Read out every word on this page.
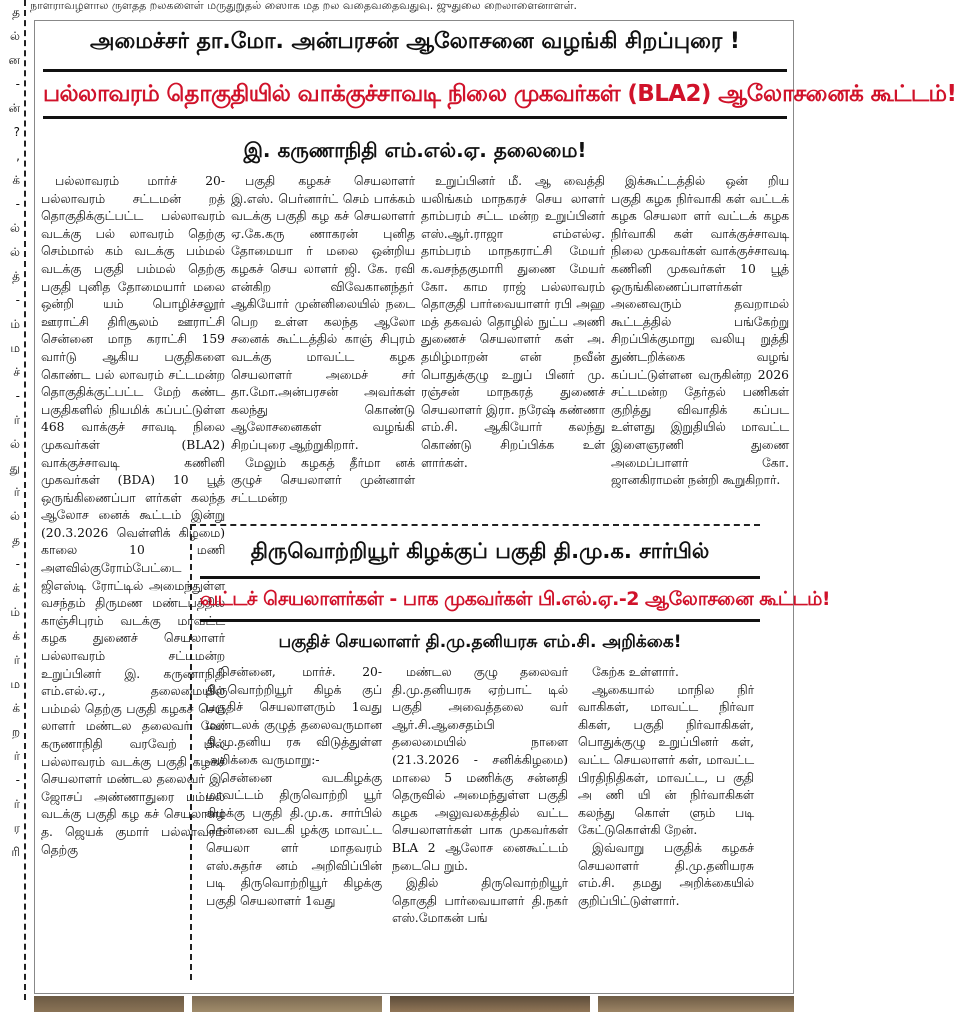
நாளராவழளால ருளதத றலகளைள் மருதுறுதல் ஸைாக மத றல வதைவதைவதுவு. ஜுதுலை றைலாளைனாளள்.
த
ல்
ன
-
ன்
?
,
க்
-
ல்
ல்
த்
-
ம்
ம
ச்
-
ர்
ல்
து
ர்
ல்
த
-
க்
ம்
க்
ர்
ம
க்
ற
ர்
-
ர்
ர
ரி
அமைச்சர் தா.மோ. அன்பரசன் ஆலோசனை வழங்கி சிறப்புரை !
பல்லாவரம் தொகுதியில் வாக்குச்சாவடி நிலை முகவர்கள் (BLA2) ஆலோசனைக் கூட்டம்!
இ. கருணாநிதி எம்.எல்.ஏ. தலைமை!

பல்லாவரம் மார்ச் 20- பல்லாவரம் சட்டமன் றத் தொகுதிக்குட்பட்ட பல்லாவரம் வடக்கு பல் லாவரம் தெற்கு செம்மால் கம் வடக்கு பம்மல் வடக்கு பகுதி பம்மல் தெற்கு பகுதி புனித தோமையார் மலை ஒன்றி யம் பொழிச்சலூர் ஊராட்சி திரிசூலம் ஊராட்சி சென்னை மாந கராட்சி 159 வார்டு ஆகிய பகுதிகளை கொண்ட பல் லாவரம் சட்டமன்ற தொகுதிக்குட்பட்ட மேற் கண்ட பகுதிகளில் நியமிக் கப்பட்டுள்ள 468 வாக்குச் சாவடி நிலை முகவர்கள் (BLA2) வாக்குச்சாவடி கணினி முகவர்கள் (BDA) 10 பூத் ஒருங்கிணைப்பா ளர்கள் கலந்த ஆலோச னைக் கூட்டம் இன்று (20.3.2026 வெள்ளிக் கிழமை) காலை 10 மணி அளவில்குரோம்பேட்டை ஜிஎஸ்டி ரோட்டில் அமைந்துள்ள வசந்தம் திருமண மண்டபத்தில் காஞ்சிபுரம் வடக்கு மாவட்ட கழக துணைச் செயலாளர் பல்லாவரம் சட்டமன்ற உறுப்பினர் இ. கருணாநிதி எம்.எல்.ஏ., தலைமையில் பம்மல் தெற்கு பகுதி கழகச் செய லாளர் மண்டல தலைவர் வே. கருணாநிதி வரவேற் பில் பல்லாவரம் வடக்கு பகுதி கழகச் செயலாளர் மண்டல தலைவர் இ. ஜோசப் அண்ணாதுரை பம்மல் வடக்கு பகுதி கழ கச் செயலாளர் த. ஜெயக் குமார் பல்லாவரம் தெற்கு

பகுதி கழகச் செயலாளர் இ.எஸ். பெர்னார்ட் செம் பாக்கம் வடக்கு பகுதி கழ கச் செயலாளர் ஏ.கே.கரு ணாகரன் புனித தோமையா ர் மலை ஒன்றிய கழகச் செய லாளர் ஜி. கே. ரவி என்கிற விவேகானந்தா் ஆகியோர் முன்னிலையில் நடை பெற உள்ள கலந்த ஆலோ சனைக் கூட்டத்தில் காஞ் சிபுரம் வடக்கு மாவட்ட கழக செயலாளர் அமைச் சர் தா.மோ.அன்பரசன் அவர்கள் கலந்து கொண்டு ஆலோசனைகள் வழங்கி சிறப்புரை ஆற்றுகிறார்.

மேலும் கழகத் தீர்மா னக் குழுச் செயலாளர் முன்னாள் சட்டமன்ற

உறுப்பினர் மீ. ஆ வைத்தி யலிங்கம் மாநகரச் செய லாளர் தாம்பரம் சட்ட மன்ற உறுப்பினர் எஸ்.ஆர்.ராஜா எம்எல்ஏ. தாம்பரம் மாநகராட்சி மேயர் க.வசந்தகுமாரி துணை மேயர் கோ. காம ராஜ் பல்லாவரம் தொகுதி பார்வையாளர் ரபி அஹ மத் தகவல் தொழில் நுட்ப அணி துணைச் செயலாளர் கள் அ. தமிழ்மாறன் என் நவீன் பொதுக்குழு உறுப் பினர் மு. ரஞ்சன் மாநகரத் துணைச் செயலாளர் இரா. நரேஷ் கண்ணா எம்.சி. ஆகியோர் கலந்து கொண்டு சிறப்பிக்க உள் ளார்கள்.

இக்கூட்டத்தில் ஒன் றிய பகுதி கழக நிர்வாகி கள் வட்டக் கழக செயலா ளர் வட்டக் கழக நிர்வாகி கள் வாக்குச்சாவடி நிலை முகவர்கள் வாக்குச்சாவடி கணினி முகவர்கள் 10 பூத் ஒருங்கிணைப்பாளர்கள் அனைவரும் தவறாமல் கூட்டத்தில் பங்கேற்று சிறப்பிக்குமாறு வலியு றுத்தி துண்டறிக்கை வழங் கப்பட்டுள்ளன வருகின்ற 2026 சட்டமன்ற தேர்தல் பணிகள் குறித்து விவாதிக் கப்பட உள்ளது இறுதியில் மாவட்ட இளைஞரணி துணை அமைப்பாளர் கோ. ஜானகிராமன் நன்றி கூறுகிறார்.

திருவொற்றியூர் கிழக்குப் பகுதி தி.மு.க. சார்பில்
வட்டச் செயலாளர்கள் - பாக முகவர்கள் பி.எல்.ஏ.-2 ஆலோசனை கூட்டம்!
பகுதிச் செயலாளர் தி.மு.தனியரசு எம்.சி. அறிக்கை!

சென்னை, மார்ச். 20- திருவொற்றியூர் கிழக் குப் பகுதிச் செயலாளரும் 1வது மண்டலக் குழுத் தலைவருமான தி.மு.தனிய ரசு விடுத்துள்ள அறிக்கை வருமாறு:-

சென்னை வடகிழக்கு மாவட்டம் திருவொற்றி யூர் கிழக்கு பகுதி தி.மு.க. சார்பில் சென்னை வடகி ழக்கு மாவட்ட செயலா ளர் மாதவரம் எஸ்.சுதர்ச னம் அறிவிப்பின் படி திருவொற்றியூர் கிழக்கு பகுதி செயலாளர் 1வது

மண்டல குழு தலைவர் தி.மு.தனியரசு ஏற்பாட் டில் பகுதி அவைத்தலை வர் ஆர்.சி.ஆசைதம்பி தலைமையில் நாளை (21.3.2026 - சனிக்கிழமை) மாலை 5 மணிக்கு சன்னதி தெருவில் அமைந்துள்ள பகுதி கழக அலுவலகத்தில் வட்ட செயலாளர்கள் பாக முகவர்கள் BLA 2 ஆலோச னைகூட்டம் நடைபெ றும்.

இதில் திருவொற்றியூர் தொகுதி பார்வையாளர் தி.நகர் எஸ்.மோகன் பங்

கேற்க உள்ளார்.

ஆகையால் மாநில நிர் வாகிகள், மாவட்ட நிர்வா கிகள், பகுதி நிர்வாகிகள், பொதுக்குழு உறுப்பினர் கள், வட்ட செயலாளர் கள், மாவட்ட பிரதிநிதிகள், மாவட்ட, ப குதி அ ணி யி ன் நிர்வாகிகள் கலந்து கொள் ளும் படி கேட்டுகொள்கி றேன்.

இவ்வாறு பகுதிக் கழகச் செயலாளர் தி.மு.தனியரசு எம்.சி. தமது அறிக்கையில் குறிப்பிட்டுள்ளார்.
